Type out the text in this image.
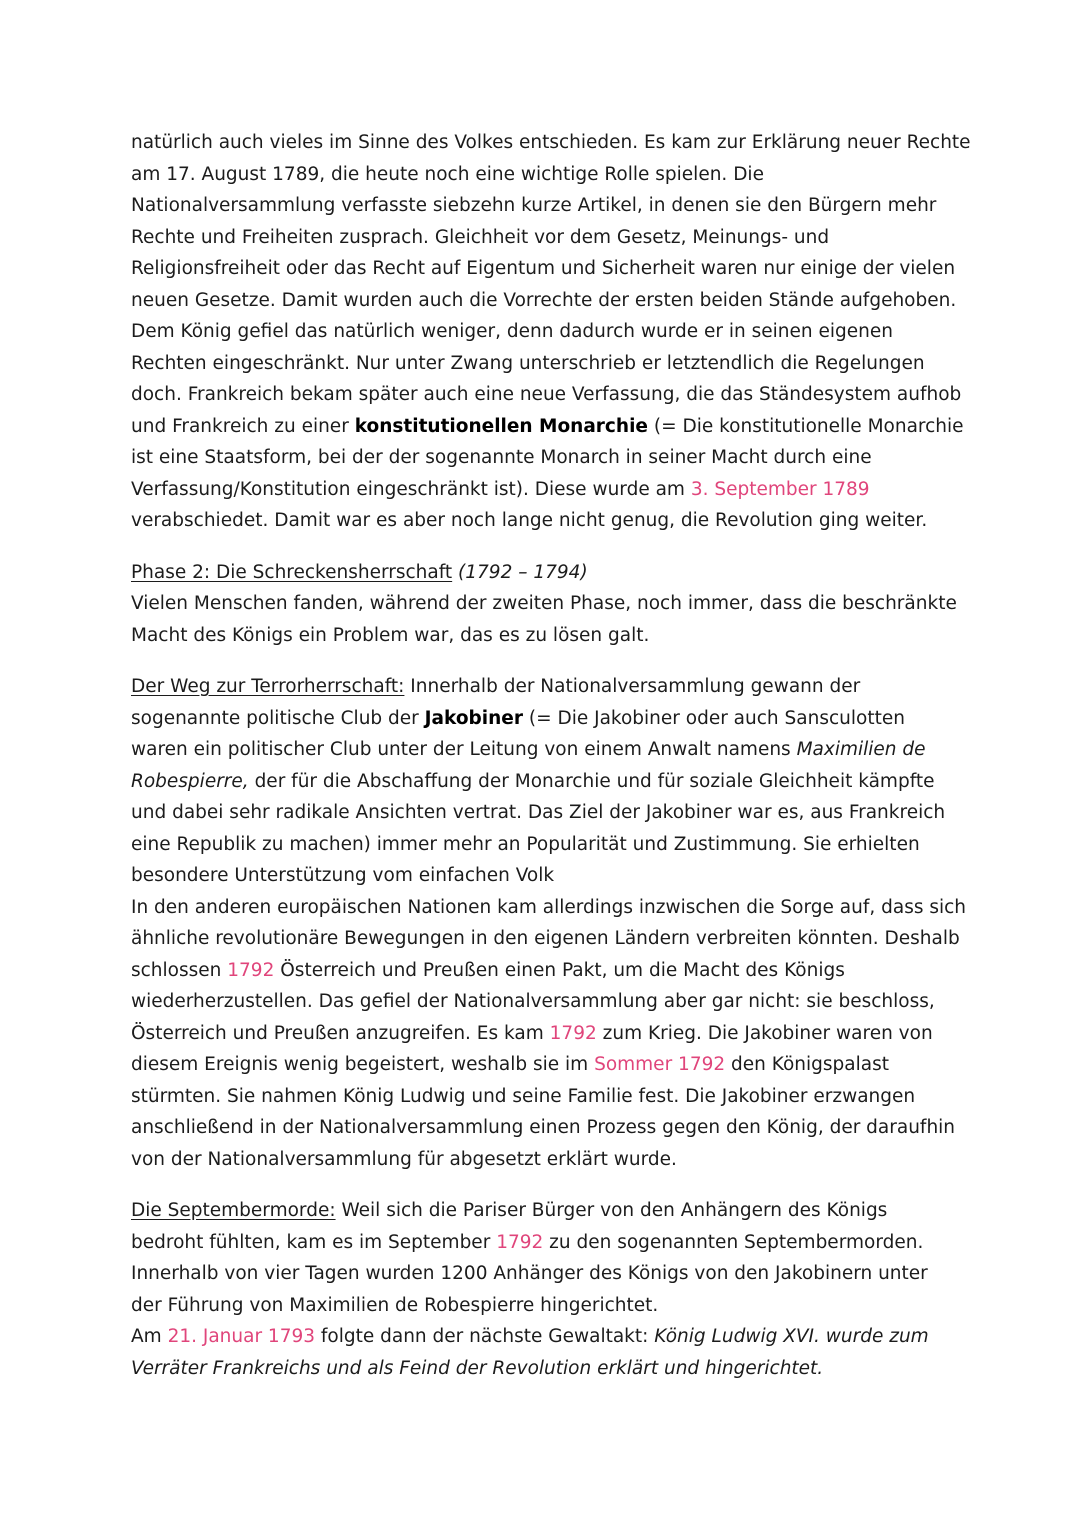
natürlich auch vieles im Sinne des Volkes entschieden. Es kam zur Erklärung neuer Rechte
am 17. August 1789, die heute noch eine wichtige Rolle spielen. Die
Nationalversammlung verfasste siebzehn kurze Artikel, in denen sie den Bürgern mehr
Rechte und Freiheiten zusprach. Gleichheit vor dem Gesetz, Meinungs- und
Religionsfreiheit oder das Recht auf Eigentum und Sicherheit waren nur einige der vielen
neuen Gesetze. Damit wurden auch die Vorrechte der ersten beiden Stände aufgehoben.
Dem König gefiel das natürlich weniger, denn dadurch wurde er in seinen eigenen
Rechten eingeschränkt. Nur unter Zwang unterschrieb er letztendlich die Regelungen
doch. Frankreich bekam später auch eine neue Verfassung, die das Ständesystem aufhob
und Frankreich zu einer konstitutionellen Monarchie (= Die konstitutionelle Monarchie
ist eine Staatsform, bei der der sogenannte Monarch in seiner Macht durch eine
Verfassung/Konstitution eingeschränkt ist). Diese wurde am 3. September 1789
verabschiedet. Damit war es aber noch lange nicht genug, die Revolution ging weiter.

Phase 2: Die Schreckensherrschaft (1792 – 1794)
Vielen Menschen fanden, während der zweiten Phase, noch immer, dass die beschränkte
Macht des Königs ein Problem war, das es zu lösen galt.

Der Weg zur Terrorherrschaft: Innerhalb der Nationalversammlung gewann der
sogenannte politische Club der Jakobiner (= Die Jakobiner oder auch Sansculotten
waren ein politischer Club unter der Leitung von einem Anwalt namens Maximilien de
Robespierre, der für die Abschaffung der Monarchie und für soziale Gleichheit kämpfte
und dabei sehr radikale Ansichten vertrat. Das Ziel der Jakobiner war es, aus Frankreich
eine Republik zu machen) immer mehr an Popularität und Zustimmung. Sie erhielten
besondere Unterstützung vom einfachen Volk
In den anderen europäischen Nationen kam allerdings inzwischen die Sorge auf, dass sich
ähnliche revolutionäre Bewegungen in den eigenen Ländern verbreiten könnten. Deshalb
schlossen 1792 Österreich und Preußen einen Pakt, um die Macht des Königs
wiederherzustellen. Das gefiel der Nationalversammlung aber gar nicht: sie beschloss,
Österreich und Preußen anzugreifen. Es kam 1792 zum Krieg. Die Jakobiner waren von
diesem Ereignis wenig begeistert, weshalb sie im Sommer 1792 den Königspalast
stürmten. Sie nahmen König Ludwig und seine Familie fest. Die Jakobiner erzwangen
anschließend in der Nationalversammlung einen Prozess gegen den König, der daraufhin
von der Nationalversammlung für abgesetzt erklärt wurde.

Die Septembermorde: Weil sich die Pariser Bürger von den Anhängern des Königs
bedroht fühlten, kam es im September 1792 zu den sogenannten Septembermorden.
Innerhalb von vier Tagen wurden 1200 Anhänger des Königs von den Jakobinern unter
der Führung von Maximilien de Robespierre hingerichtet.
Am 21. Januar 1793 folgte dann der nächste Gewaltakt: König Ludwig XVI. wurde zum
Verräter Frankreichs und als Feind der Revolution erklärt und hingerichtet.
